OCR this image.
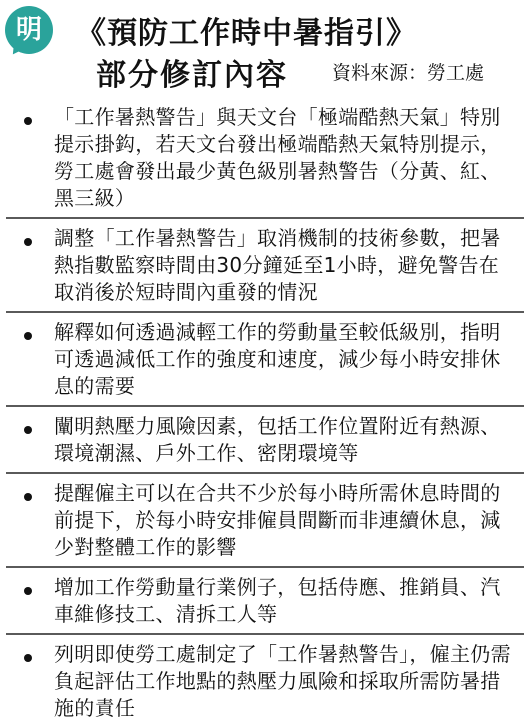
明	《預防工作時中暑指引》
部分修訂內容 資料來源：勞工處
「工作暑熱警告」與天文台「極端酷熱天氣」特別提示掛鈎，若天文台發出極端酷熱天氣特別提示，勞工處會發出最少黃色級別暑熱警告（分黃、紅、黑三級）
調整「工作暑熱警告」取消機制的技術參數，把暑熱指數監察時間由30分鐘延至1小時，避免警告在取消後於短時間內重發的情況
解釋如何透過減輕工作的勞動量至較低級別，指明可透過減低工作的強度和速度，減少每小時安排休息的需要
闡明熱壓力風險因素，包括工作位置附近有熱源、環境潮濕、戶外工作、密閉環境等
提醒僱主可以在合共不少於每小時所需休息時間的前提下，於每小時安排僱員間斷而非連續休息，減少對整體工作的影響
增加工作勞動量行業例子，包括侍應、推銷員、汽車維修技工、清拆工人等
列明即使勞工處制定了「工作暑熱警告」，僱主仍需負起評估工作地點的熱壓力風險和採取所需防暑措施的責任
